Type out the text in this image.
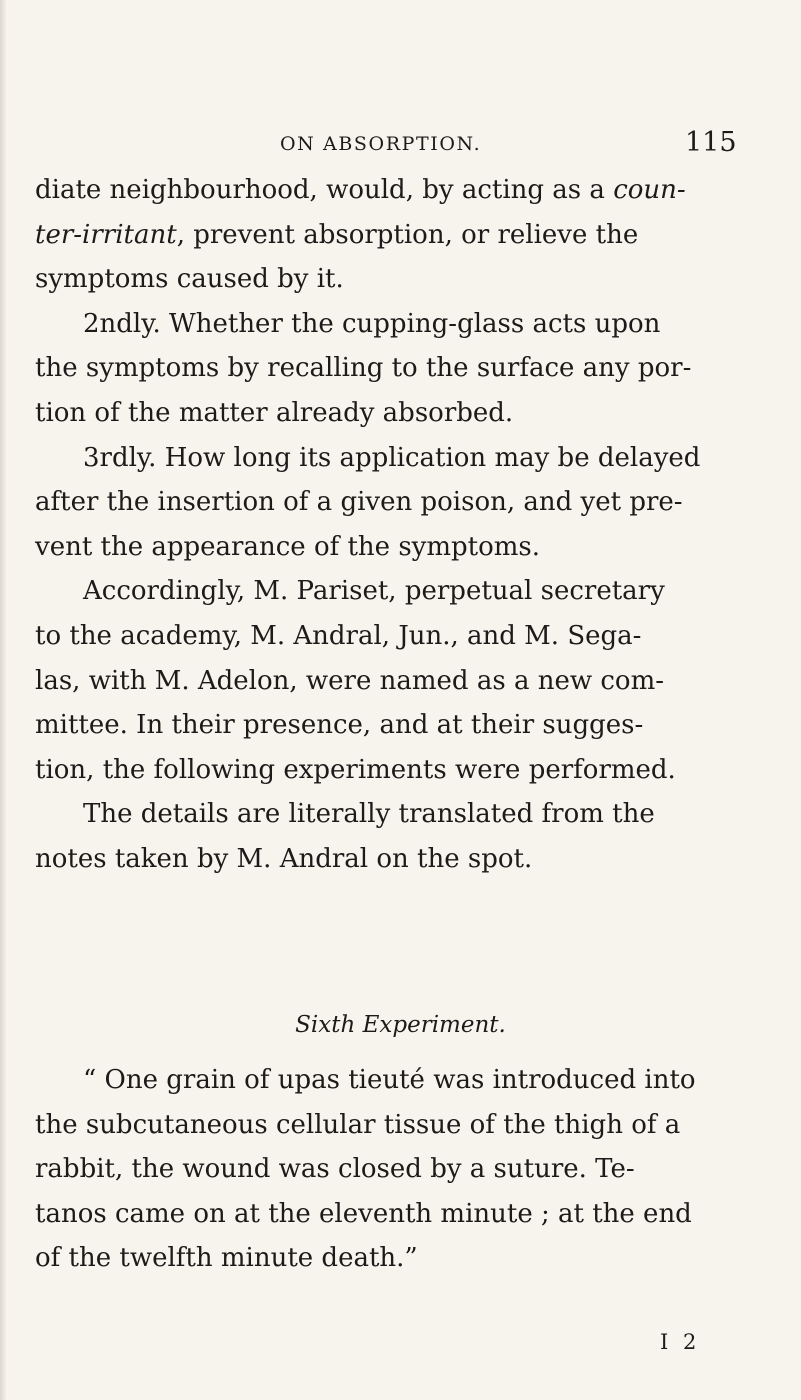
ON ABSORPTION.	115
diate neighbourhood, would, by acting as a coun-
ter-irritant, prevent absorption, or relieve the
symptoms caused by it.
2ndly. Whether the cupping-glass acts upon
the symptoms by recalling to the surface any por-
tion of the matter already absorbed.
3rdly. How long its application may be delayed
after the insertion of a given poison, and yet pre-
vent the appearance of the symptoms.
Accordingly, M. Pariset, perpetual secretary
to the academy, M. Andral, Jun., and M. Sega-
las, with M. Adelon, were named as a new com-
mittee. In their presence, and at their sugges-
tion, the following experiments were performed.
The details are literally translated from the
notes taken by M. Andral on the spot.
Sixth Experiment.
“ One grain of upas tieuté was introduced into
the subcutaneous cellular tissue of the thigh of a
rabbit, the wound was closed by a suture. Te-
tanos came on at the eleventh minute ; at the end
of the twelfth minute death.”
I 2
